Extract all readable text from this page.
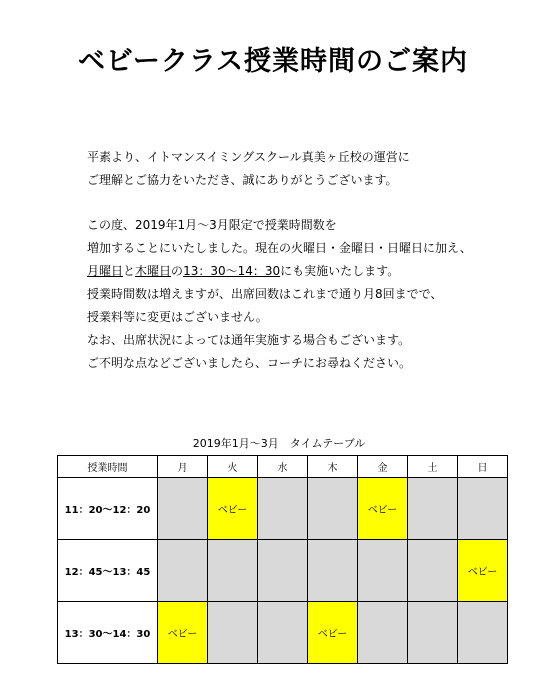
ベビークラス授業時間のご案内
平素より、イトマンスイミングスクール真美ヶ丘校の運営に
ご理解とご協力をいただき、誠にありがとうございます。
この度、2019年1月～3月限定で授業時間数を
増加することにいたしました。現在の火曜日・金曜日・日曜日に加え、
月曜日と木曜日の13：30～14：30にも実施いたします。
授業時間数は増えますが、出席回数はこれまで通り月8回までで、
授業料等に変更はございません。
なお、出席状況によっては通年実施する場合もございます。
ご不明な点などございましたら、コーチにお尋ねください。
2019年1月～3月　タイムテーブル
授業時間	月	火	水	木	金	土	日
11：20～12：20		ベビー			ベビー		
12：45～13：45							ベビー
13：30～14：30	ベビー			ベビー			
